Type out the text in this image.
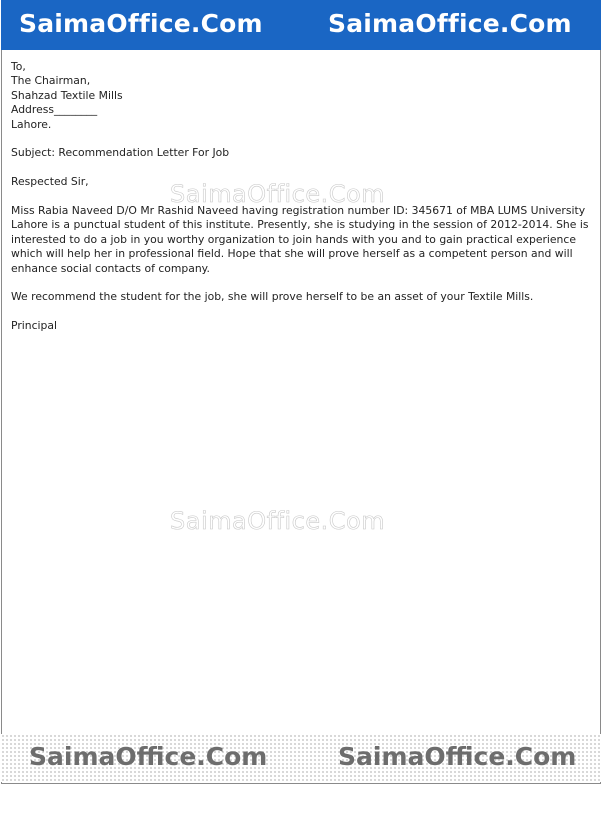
SaimaOffice.Com	SaimaOffice.Com
SaimaOffice.Com
SaimaOffice.Com
To,
The Chairman,
Shahzad Textile Mills
Address________
Lahore.
Subject: Recommendation Letter For Job
Respected Sir,
Miss Rabia Naveed D/O Mr Rashid Naveed having registration number ID: 345671 of MBA LUMS University Lahore is a punctual student of this institute. Presently, she is studying in the session of 2012-2014. She is interested to do a job in you worthy organization to join hands with you and to gain practical experience which will help her in professional field. Hope that she will prove herself as a competent person and will enhance social contacts of company.
We recommend the student for the job, she will prove herself to be an asset of your Textile Mills.
Principal
SaimaOffice.Com	SaimaOffice.Com
